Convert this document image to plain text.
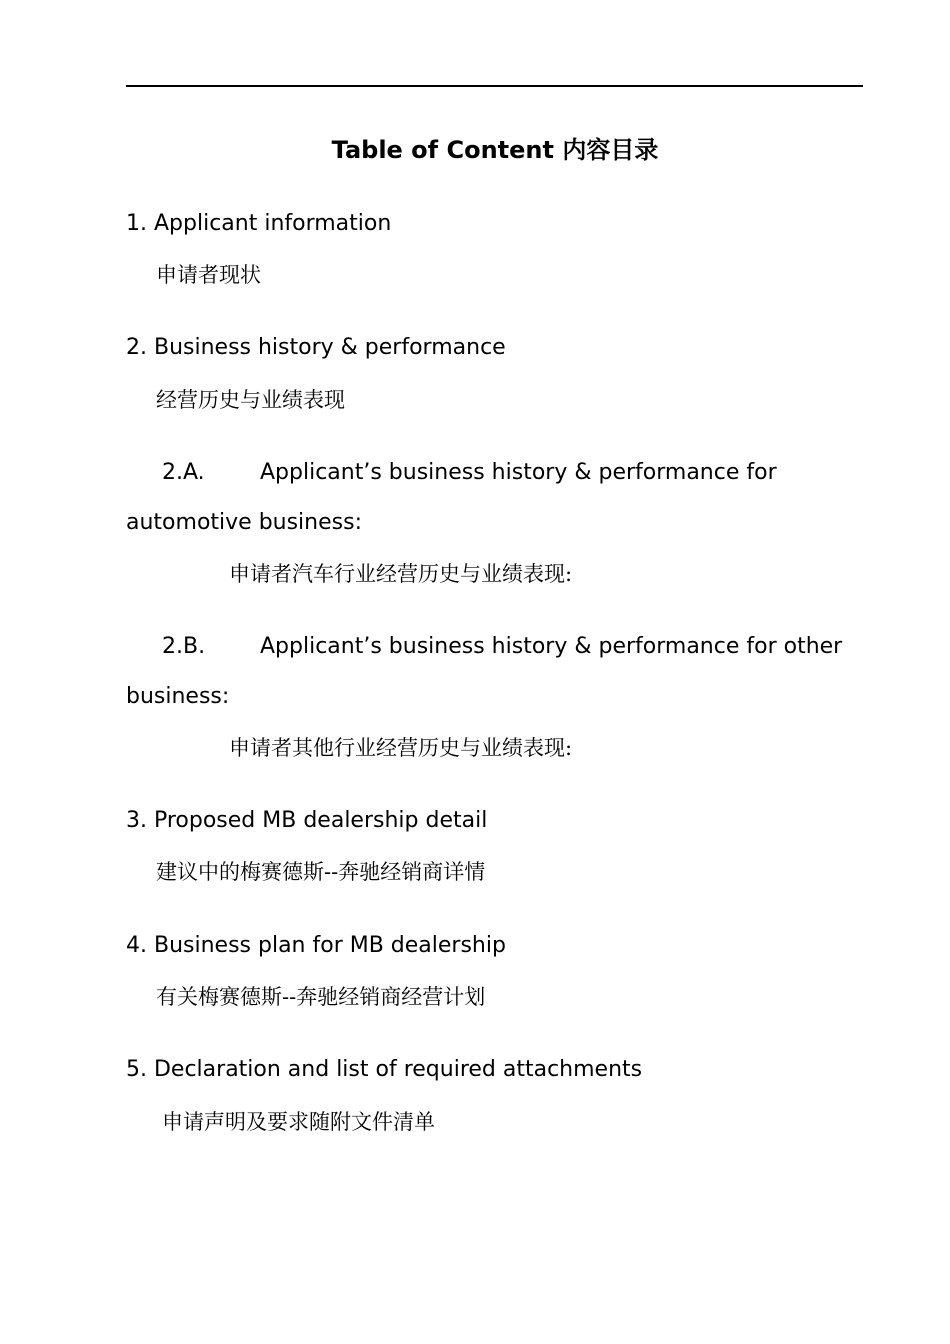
Table of Content 内容目录
1. Applicant information
申请者现状
2. Business history & performance
经营历史与业绩表现
2.A.	Applicant’s business history & performance for
automotive business:
申请者汽车行业经营历史与业绩表现:
2.B. Applicant’s business history & performance for other
business:
申请者其他行业经营历史与业绩表现:
3. Proposed MB dealership detail
建议中的梅赛德斯--奔驰经销商详情
4. Business plan for MB dealership
有关梅赛德斯--奔驰经销商经营计划
5. Declaration and list of required attachments
申请声明及要求随附文件清单
